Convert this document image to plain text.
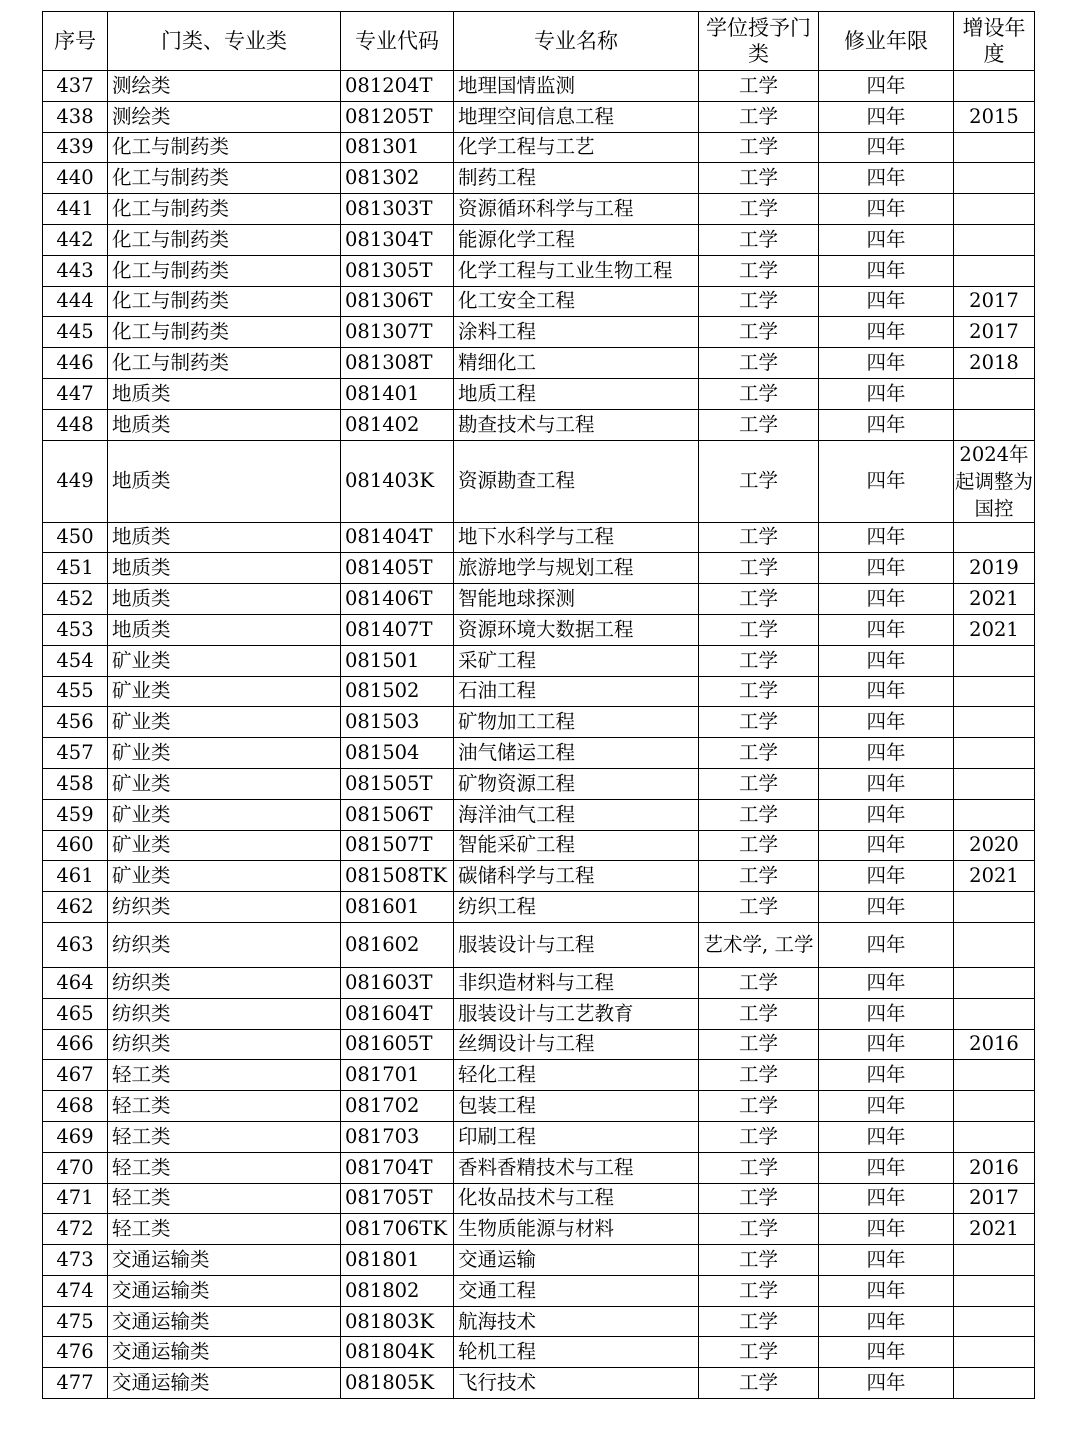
序号	门类、专业类	专业代码	专业名称	学位授予门类	修业年限	增设年度
437	测绘类	081204T	地理国情监测	工学	四年	
438	测绘类	081205T	地理空间信息工程	工学	四年	2015
439	化工与制药类	081301	化学工程与工艺	工学	四年	
440	化工与制药类	081302	制药工程	工学	四年	
441	化工与制药类	081303T	资源循环科学与工程	工学	四年	
442	化工与制药类	081304T	能源化学工程	工学	四年	
443	化工与制药类	081305T	化学工程与工业生物工程	工学	四年	
444	化工与制药类	081306T	化工安全工程	工学	四年	2017
445	化工与制药类	081307T	涂料工程	工学	四年	2017
446	化工与制药类	081308T	精细化工	工学	四年	2018
447	地质类	081401	地质工程	工学	四年	
448	地质类	081402	勘查技术与工程	工学	四年	
449	地质类	081403K	资源勘查工程	工学	四年	2024年起调整为国控
450	地质类	081404T	地下水科学与工程	工学	四年	
451	地质类	081405T	旅游地学与规划工程	工学	四年	2019
452	地质类	081406T	智能地球探测	工学	四年	2021
453	地质类	081407T	资源环境大数据工程	工学	四年	2021
454	矿业类	081501	采矿工程	工学	四年	
455	矿业类	081502	石油工程	工学	四年	
456	矿业类	081503	矿物加工工程	工学	四年	
457	矿业类	081504	油气储运工程	工学	四年	
458	矿业类	081505T	矿物资源工程	工学	四年	
459	矿业类	081506T	海洋油气工程	工学	四年	
460	矿业类	081507T	智能采矿工程	工学	四年	2020
461	矿业类	081508TK	碳储科学与工程	工学	四年	2021
462	纺织类	081601	纺织工程	工学	四年	
463	纺织类	081602	服装设计与工程	艺术学, 工学	四年	
464	纺织类	081603T	非织造材料与工程	工学	四年	
465	纺织类	081604T	服装设计与工艺教育	工学	四年	
466	纺织类	081605T	丝绸设计与工程	工学	四年	2016
467	轻工类	081701	轻化工程	工学	四年	
468	轻工类	081702	包装工程	工学	四年	
469	轻工类	081703	印刷工程	工学	四年	
470	轻工类	081704T	香料香精技术与工程	工学	四年	2016
471	轻工类	081705T	化妆品技术与工程	工学	四年	2017
472	轻工类	081706TK	生物质能源与材料	工学	四年	2021
473	交通运输类	081801	交通运输	工学	四年	
474	交通运输类	081802	交通工程	工学	四年	
475	交通运输类	081803K	航海技术	工学	四年	
476	交通运输类	081804K	轮机工程	工学	四年	
477	交通运输类	081805K	飞行技术	工学	四年	
